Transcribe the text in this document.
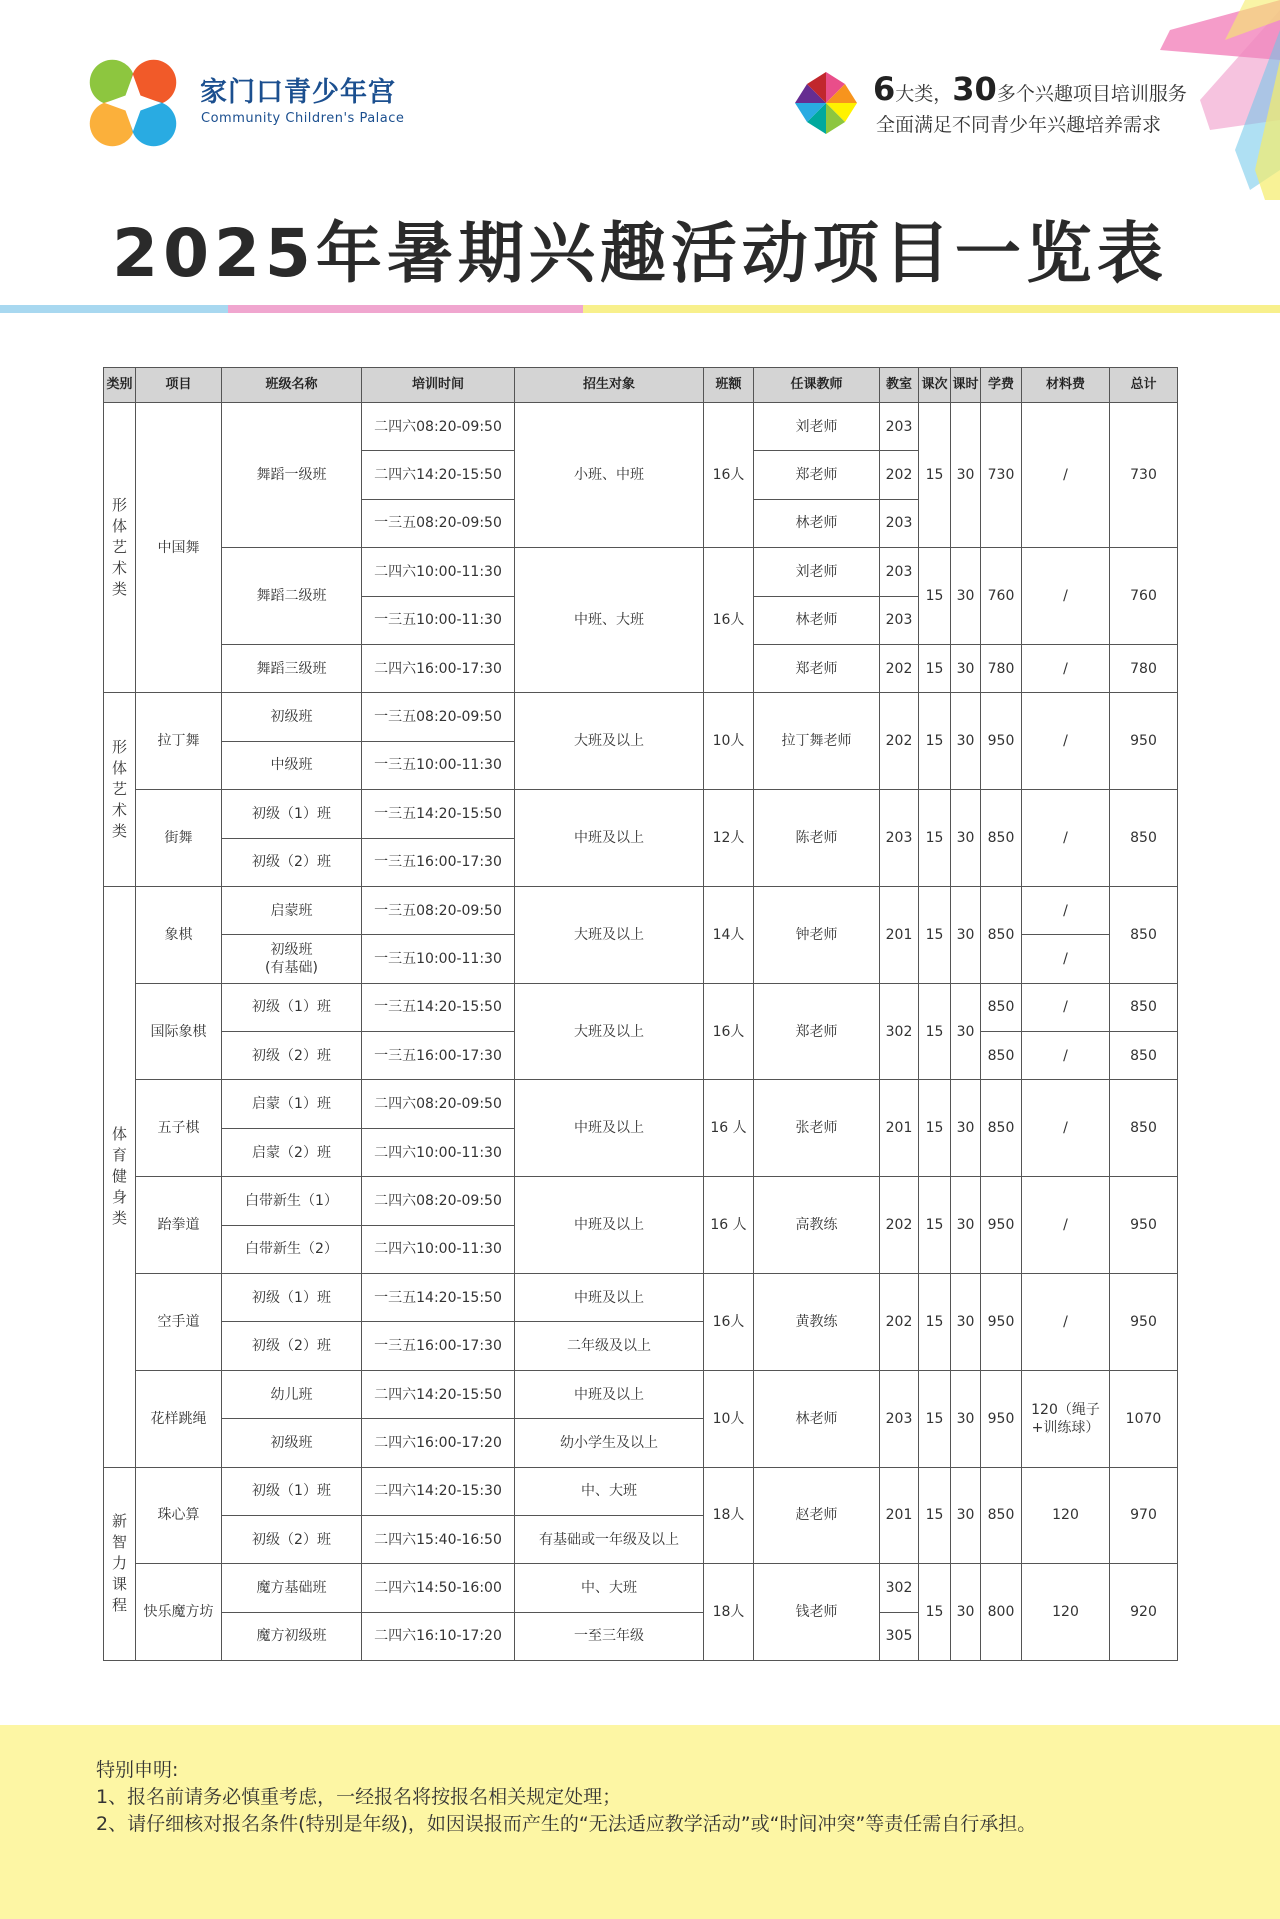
家门口青少年宫
Community Children's Palace
6大类，30多个兴趣项目培训服务
全面满足不同青少年兴趣培养需求
2025年暑期兴趣活动项目一览表
类别	项目	班级名称	培训时间	招生对象	班额	任课教师	教室	课次	课时	学费	材料费	总计
形
体
艺
术
类	中国舞	舞蹈一级班	二四六08:20-09:50	小班、中班	16人	刘老师	203	15	30	730	/	730
			二四六14:20-15:50			郑老师	202					
			一三五08:20-09:50			林老师	203					
		舞蹈二级班	二四六10:00-11:30	中班、大班	16人	刘老师	203	15	30	760	/	760
			一三五10:00-11:30			林老师	203					
		舞蹈三级班	二四六16:00-17:30			郑老师	202	15	30	780	/	780
形
体
艺
术
类	拉丁舞	初级班	一三五08:20-09:50	大班及以上	10人	拉丁舞老师	202	15	30	950	/	950
		中级班	一三五10:00-11:30									
	街舞	初级（1）班	一三五14:20-15:50	中班及以上	12人	陈老师	203	15	30	850	/	850
		初级（2）班	一三五16:00-17:30									
体
育
健
身
类	象棋	启蒙班	一三五08:20-09:50	大班及以上	14人	钟老师	201	15	30	850	/	850
		初级班
(有基础)	一三五10:00-11:30								/	
	国际象棋	初级（1）班	一三五14:20-15:50	大班及以上	16人	郑老师	302	15	30	850	/	850
		初级（2）班	一三五16:00-17:30							850	/	850
	五子棋	启蒙（1）班	二四六08:20-09:50	中班及以上	16 人	张老师	201	15	30	850	/	850
		启蒙（2）班	二四六10:00-11:30									
	跆拳道	白带新生（1）	二四六08:20-09:50	中班及以上	16 人	高教练	202	15	30	950	/	950
		白带新生（2）	二四六10:00-11:30									
	空手道	初级（1）班	一三五14:20-15:50	中班及以上	16人	黄教练	202	15	30	950	/	950
		初级（2）班	一三五16:00-17:30	二年级及以上								
	花样跳绳	幼儿班	二四六14:20-15:50	中班及以上	10人	林老师	203	15	30	950	120（绳子+训练球）	1070
		初级班	二四六16:00-17:20	幼小学生及以上								
新
智
力
课
程	珠心算	初级（1）班	二四六14:20-15:30	中、大班	18人	赵老师	201	15	30	850	120	970
		初级（2）班	二四六15:40-16:50	有基础或一年级及以上								
	快乐魔方坊	魔方基础班	二四六14:50-16:00	中、大班	18人	钱老师	302	15	30	800	120	920
		魔方初级班	二四六16:10-17:20	一至三年级			305					
特别申明:
1、报名前请务必慎重考虑，一经报名将按报名相关规定处理；
2、请仔细核对报名条件(特别是年级)，如因误报而产生的“无法适应教学活动”或“时间冲突”等责任需自行承担。
